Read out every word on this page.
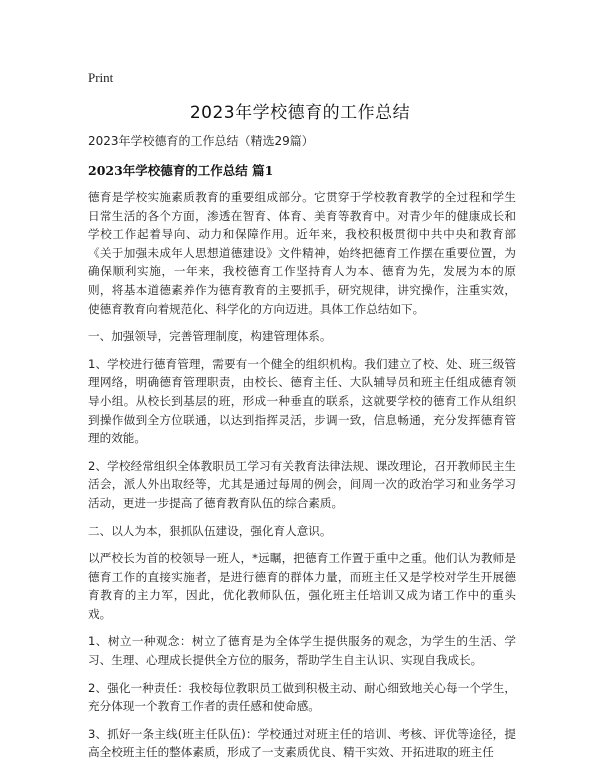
Print
2023年学校德育的工作总结
2023年学校德育的工作总结（精选29篇）
2023年学校德育的工作总结 篇1

德育是学校实施素质教育的重要组成部分。它贯穿于学校教育教学的全过程和学生日常生活的各个方面，渗透在智育、体育、美育等教育中。对青少年的健康成长和学校工作起着导向、动力和保障作用。近年来，我校积极贯彻中共中央和教育部《关于加强未成年人思想道德建设》文件精神，始终把德育工作摆在重要位置，为确保顺利实施，一年来，我校德育工作坚持育人为本、德育为先，发展为本的原则，将基本道德素养作为德育教育的主要抓手，研究规律，讲究操作，注重实效，使德育教育向着规范化、科学化的方向迈进。具体工作总结如下。

一、加强领导，完善管理制度，构建管理体系。

1、学校进行德育管理，需要有一个健全的组织机构。我们建立了校、处、班三级管理网络，明确德育管理职责，由校长、德育主任、大队辅导员和班主任组成德育领导小组。从校长到基层的班，形成一种垂直的联系，这就要学校的德育工作从组织到操作做到全方位联通，以达到指挥灵活，步调一致，信息畅通，充分发挥德育管理的效能。

2、学校经常组织全体教职员工学习有关教育法律法规、课改理论，召开教师民主生活会，派人外出取经等，尤其是通过每周的例会，间周一次的政治学习和业务学习活动，更进一步提高了德育教育队伍的综合素质。

二、以人为本，狠抓队伍建设，强化育人意识。

以严校长为首的校领导一班人，*远瞩，把德育工作置于重中之重。他们认为教师是德育工作的直接实施者，是进行德育的群体力量，而班主任又是学校对学生开展德育教育的主力军，因此，优化教师队伍，强化班主任培训又成为诸工作中的重头戏。

1、树立一种观念：树立了德育是为全体学生提供服务的观念，为学生的生活、学习、生理、心理成长提供全方位的服务，帮助学生自主认识、实现自我成长。

2、强化一种责任：我校每位教职员工做到积极主动、耐心细致地关心每一个学生，充分体现一个教育工作者的责任感和使命感。

3、抓好一条主线(班主任队伍)：学校通过对班主任的培训、考核、评优等途径，提高全校班主任的整体素质，形成了一支素质优良、精干实效、开拓进取的班主任
